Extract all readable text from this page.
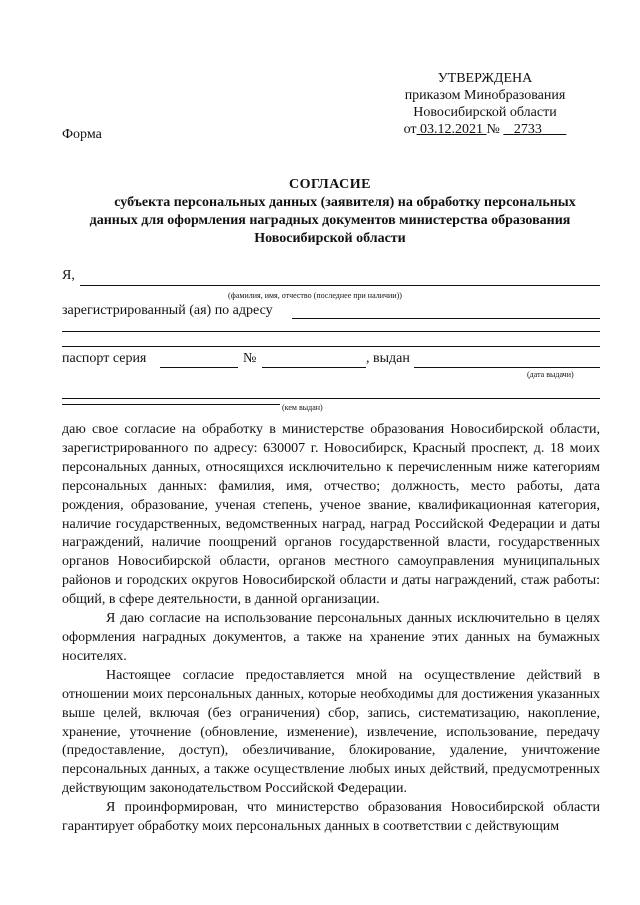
УТВЕРЖДЕНА
приказом Минобразования
Новосибирской области
от 03.12.2021 № 2733
Форма
СОГЛАСИЕ
субъекта персональных данных (заявителя) на обработку персональных
данных для оформления наградных документов министерства образования
Новосибирской области
Я,
(фамилия, имя, отчество (последнее при наличии))
зарегистрированный (ая) по адресу
паспорт серия	№	, выдан
(дата выдачи)
(кем выдан)

даю свое согласие на обработку в министерстве образования Новосибирской области, зарегистрированного по адресу: 630007 г. Новосибирск, Красный проспект, д. 18 моих персональных данных, относящихся исключительно к перечисленным ниже категориям персональных данных: фамилия, имя, отчество; должность, место работы, дата рождения, образование, ученая степень, ученое звание, квалификационная категория, наличие государственных, ведомственных наград, наград Российской Федерации и даты награждений, наличие поощрений органов государственной власти, государственных органов Новосибирской области, органов местного самоуправления муниципальных районов и городских округов Новосибирской области и даты награждений, стаж работы: общий, в сфере деятельности, в данной организации.

Я даю согласие на использование персональных данных исключительно в целях оформления наградных документов, а также на хранение этих данных на бумажных носителях.

Настоящее согласие предоставляется мной на осуществление действий в отношении моих персональных данных, которые необходимы для достижения указанных выше целей, включая (без ограничения) сбор, запись, систематизацию, накопление, хранение, уточнение (обновление, изменение), извлечение, использование, передачу (предоставление, доступ), обезличивание, блокирование, удаление, уничтожение персональных данных, а также осуществление любых иных действий, предусмотренных действующим законодательством Российской Федерации.

Я проинформирован, что министерство образования Новосибирской области гарантирует обработку моих персональных данных в соответствии с действующим
